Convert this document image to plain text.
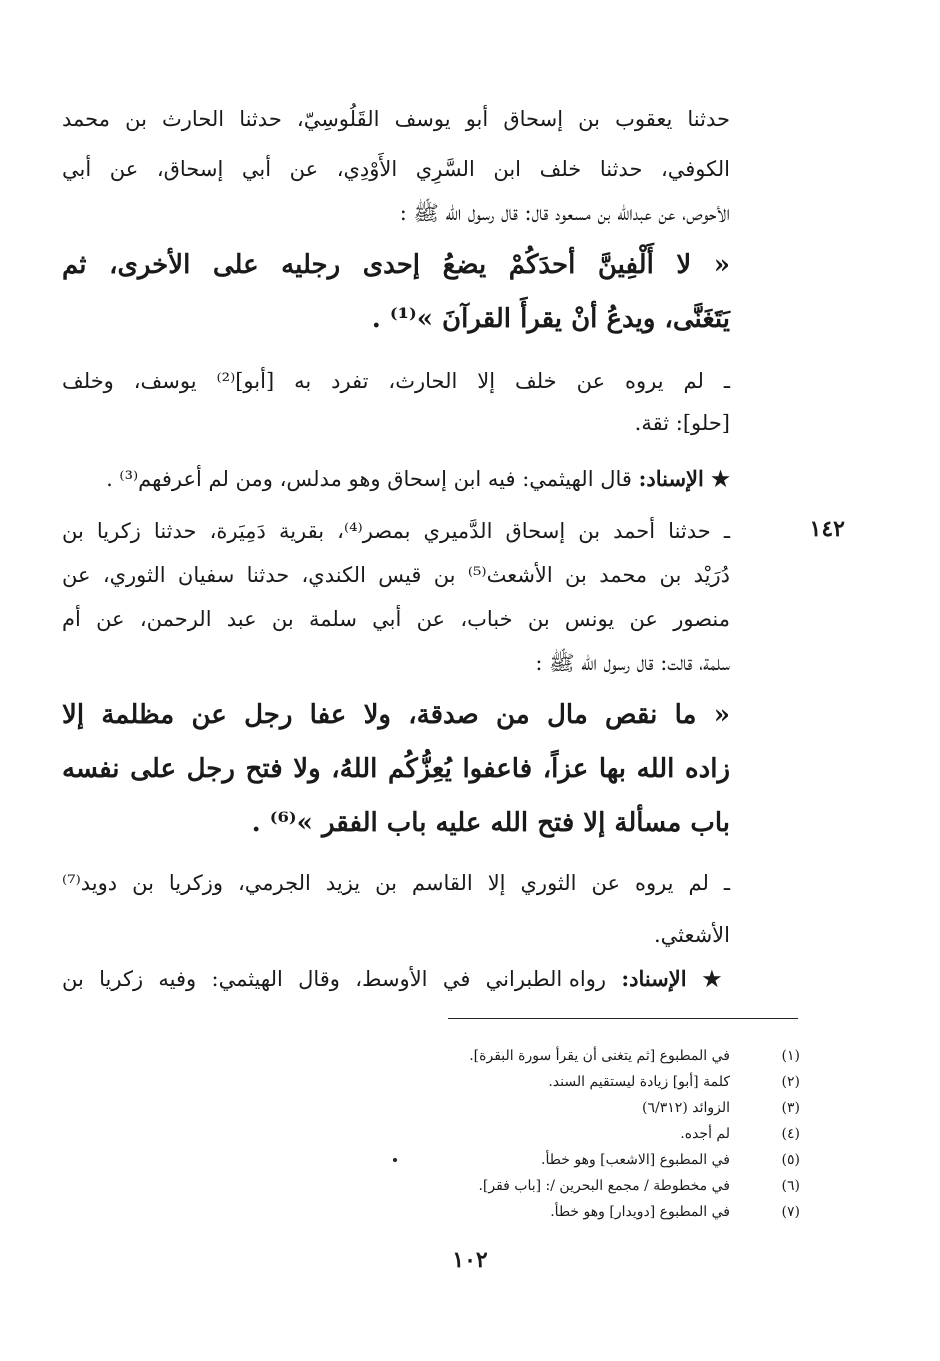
حدثنا يعقوب بن إسحاق أبو يوسف القَلُوسِيّ، حدثنا الحارث بن محمد
الكوفي، حدثنا خلف ابن السَّرِي الأَوْدِي، عن أبي إسحاق، عن أبي
الأحوص، عن عبدالله بن مسعود قال: قال رسول الله ﷺ :
« لا أَلْفِينَّ أحدَكُمْ يضعُ إحدى رجليه على الأخرى، ثم
يَتَغَنَّى، ويدعُ أنْ يقرأَ القرآنَ »⁽¹⁾ .
ـ لم يروه عن خلف إلا الحارث، تفرد به [أبو]⁽²⁾ يوسف، وخلف
[حلو]: ثقة.
★ الإسناد: قال الهيثمي: فيه ابن إسحاق وهو مدلس، ومن لم أعرفهم⁽³⁾ .
١٤٢
ـ حدثنا أحمد بن إسحاق الدَّميري بمصر⁽⁴⁾، بقرية دَمِيَرة، حدثنا زكريا بن
دُرَيْد بن محمد بن الأشعث⁽⁵⁾ بن قيس الكندي، حدثنا سفيان الثوري، عن
منصور عن يونس بن خباب، عن أبي سلمة بن عبد الرحمن، عن أم
سلمة، قالت: قال رسول الله ﷺ :
« ما نقص مال من صدقة، ولا عفا رجل عن مظلمة إلا
زاده الله بها عزاً، فاعفوا يُعِزُّكُم اللهُ، ولا فتح رجل على نفسه
باب مسألة إلا فتح الله عليه باب الفقر »⁽⁶⁾ .
ـ لم يروه عن الثوري إلا القاسم بن يزيد الجرمي، وزكريا بن دويد⁽⁷⁾
الأشعثي.
★ الإسناد: رواه الطبراني في الأوسط، وقال الهيثمي: وفيه زكريا بن
(١)
في المطبوع [ثم يتغنى أن يقرأ سورة البقرة].
(٢)
كلمة [أبو] زيادة ليستقيم السند.
(٣)
الزوائد (٦/٣١٢)
(٤)
لم أجده.
(٥)
في المطبوع [الاشعب] وهو خطأ.
(٦)
في مخطوطة / مجمع البحرين /: [باب فقر].
(٧)
في المطبوع [دويدار] وهو خطأ.
١٠٢
